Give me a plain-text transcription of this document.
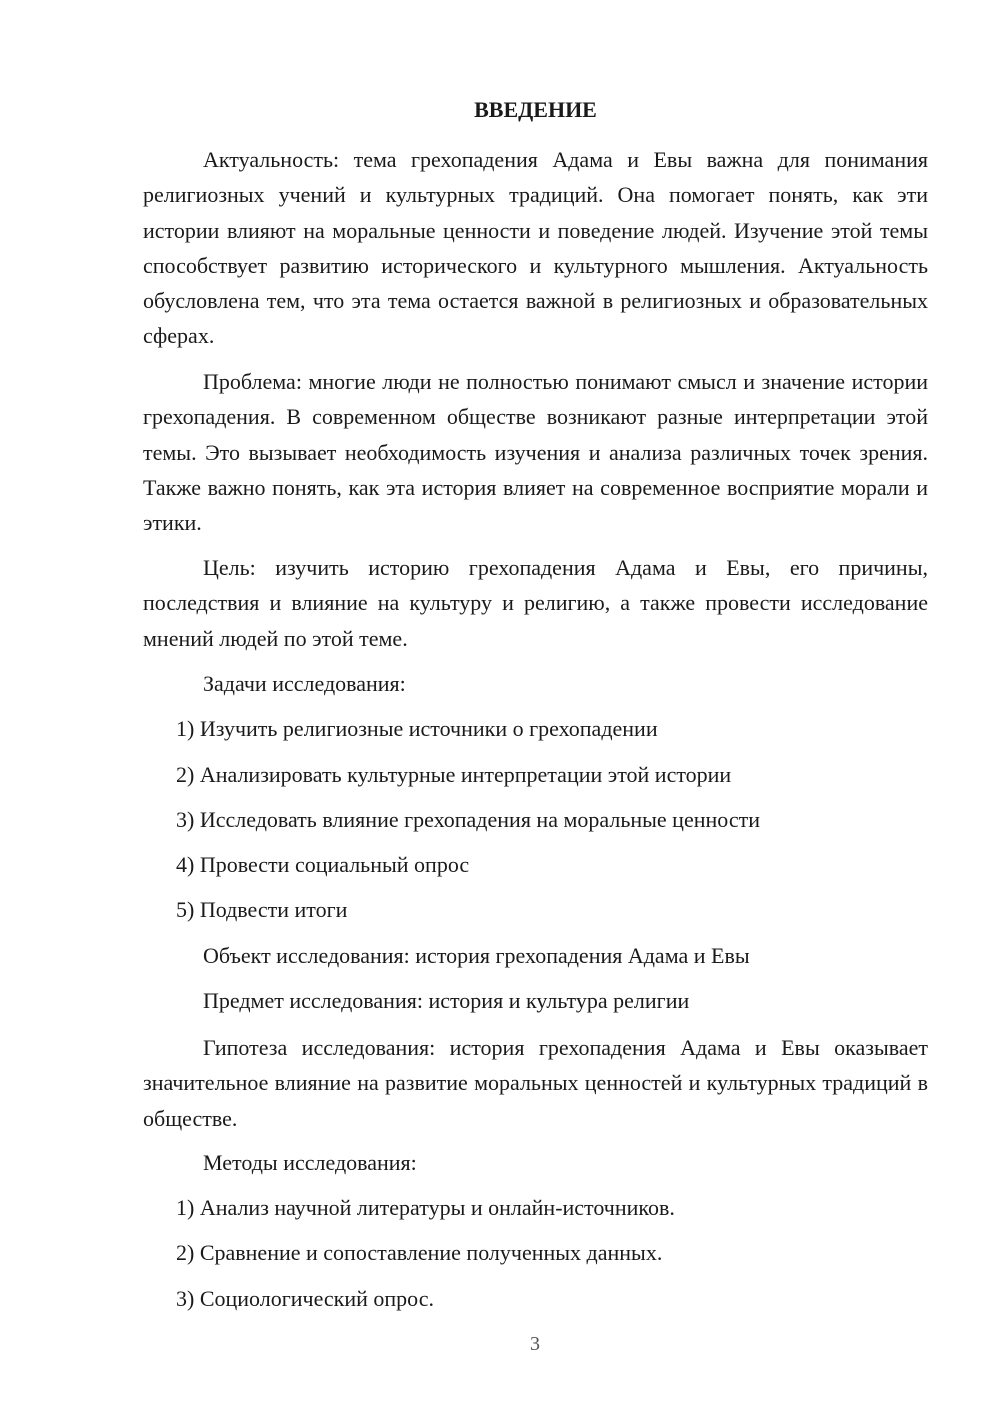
ВВЕДЕНИЕ

Актуальность: тема грехопадения Адама и Евы важна для понимания религиозных учений и культурных традиций. Она помогает понять, как эти истории влияют на моральные ценности и поведение людей. Изучение этой темы способствует развитию исторического и культурного мышления. Актуальность обусловлена тем, что эта тема остается важной в религиозных и образовательных сферах.

Проблема: многие люди не полностью понимают смысл и значение истории грехопадения. В современном обществе возникают разные интерпретации этой темы. Это вызывает необходимость изучения и анализа различных точек зрения. Также важно понять, как эта история влияет на современное восприятие морали и этики.

Цель: изучить историю грехопадения Адама и Евы, его причины, последствия и влияние на культуру и религию, а также провести исследование мнений людей по этой теме.

Задачи исследования:

1) Изучить религиозные источники о грехопадении

2) Анализировать культурные интерпретации этой истории

3) Исследовать влияние грехопадения на моральные ценности

4) Провести социальный опрос

5) Подвести итоги

Объект исследования: история грехопадения Адама и Евы

Предмет исследования: история и культура религии

Гипотеза исследования: история грехопадения Адама и Евы оказывает значительное влияние на развитие моральных ценностей и культурных традиций в обществе.

Методы исследования:

1) Анализ научной литературы и онлайн-источников.

2) Сравнение и сопоставление полученных данных.

3) Социологический опрос.

3
